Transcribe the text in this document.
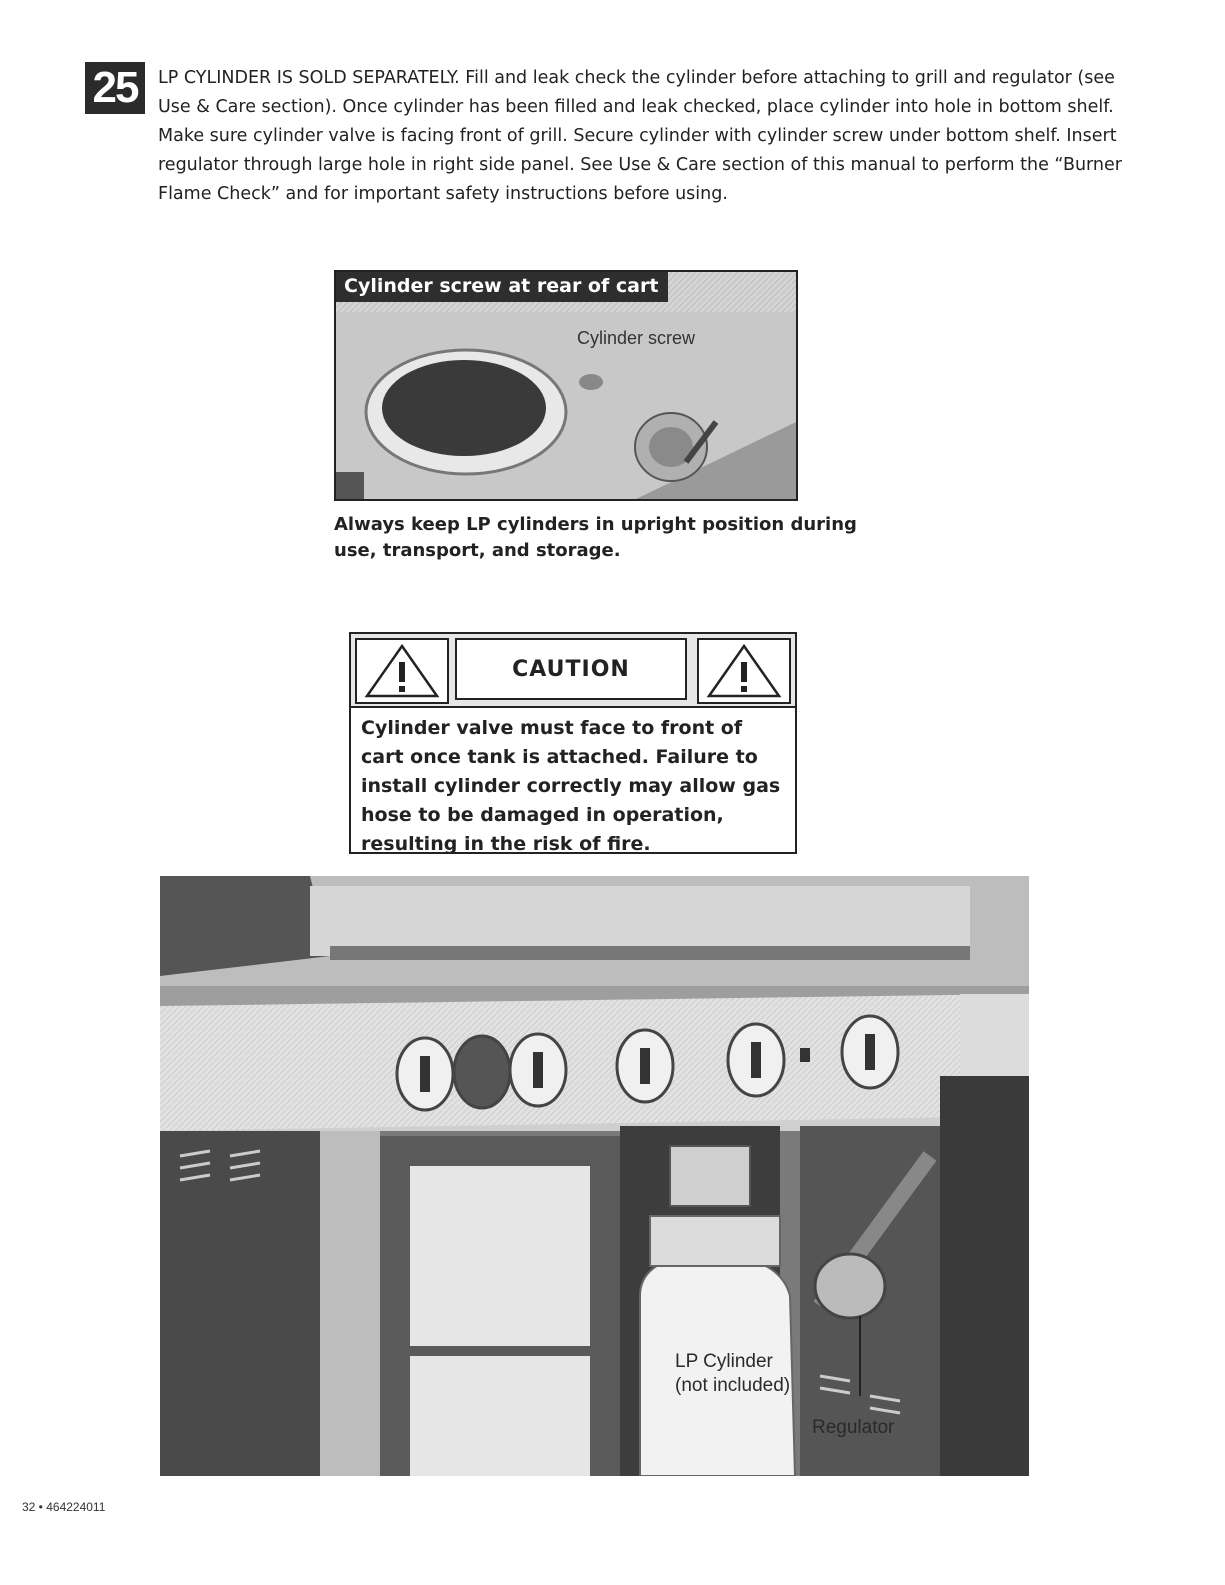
25	LP CYLINDER IS SOLD SEPARATELY. Fill and leak check the cylinder before attaching to grill and regulator (see Use & Care section). Once cylinder has been filled and leak checked, place cylinder into hole in bottom shelf. Make sure cylinder valve is facing front of grill. Secure cylinder with cylinder screw under bottom shelf. Insert regulator through large hole in right side panel. See Use & Care section of this manual to perform the “Burner Flame Check” and for important safety instructions before using.

Cylinder screw at rear of cart
Cylinder screw

Always keep LP cylinders in upright position during use, transport, and storage.

CAUTION

Cylinder valve must face to front of cart once tank is attached. Failure to install cylinder correctly may allow gas hose to be damaged in operation, resulting in the risk of fire.

LP Cylinder
(not included)
Regulator
32 • 464224011
